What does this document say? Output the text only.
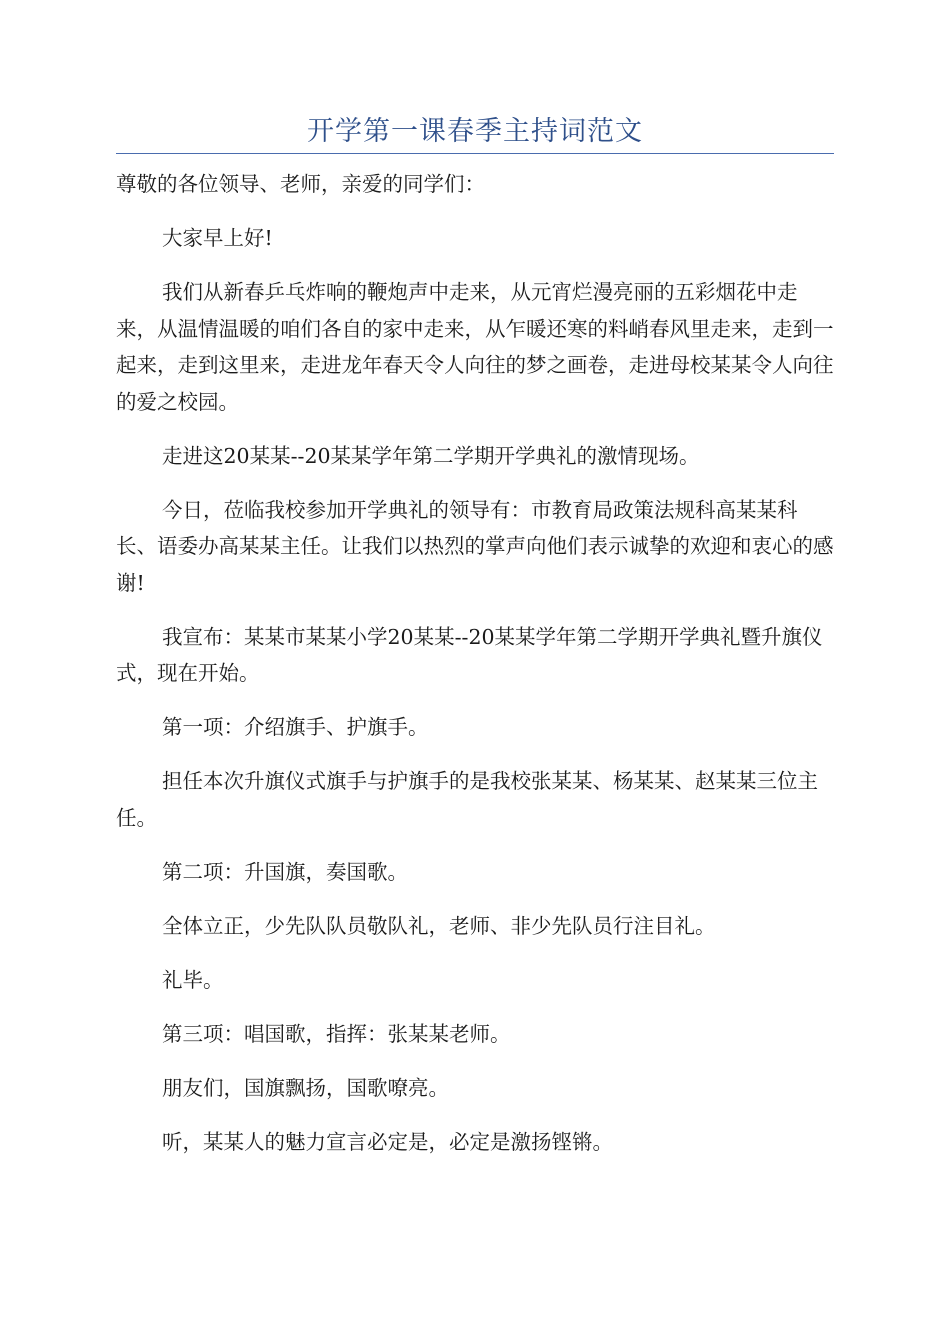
开学第一课春季主持词范文

尊敬的各位领导、老师，亲爱的同学们：

大家早上好!

我们从新春乒乓炸响的鞭炮声中走来，从元宵烂漫亮丽的五彩烟花中走来，从温情温暖的咱们各自的家中走来，从乍暖还寒的料峭春风里走来，走到一起来，走到这里来，走进龙年春天令人向往的梦之画卷，走进母校某某令人向往的爱之校园。

走进这20某某--20某某学年第二学期开学典礼的激情现场。

今日，莅临我校参加开学典礼的领导有：市教育局政策法规科高某某科长、语委办高某某主任。让我们以热烈的掌声向他们表示诚挚的欢迎和衷心的感谢!

我宣布：某某市某某小学20某某--20某某学年第二学期开学典礼暨升旗仪式，现在开始。

第一项：介绍旗手、护旗手。

担任本次升旗仪式旗手与护旗手的是我校张某某、杨某某、赵某某三位主任。

第二项：升国旗，奏国歌。

全体立正，少先队队员敬队礼，老师、非少先队员行注目礼。

礼毕。

第三项：唱国歌，指挥：张某某老师。

朋友们，国旗飘扬，国歌嘹亮。

听，某某人的魅力宣言必定是，必定是激扬铿锵。
